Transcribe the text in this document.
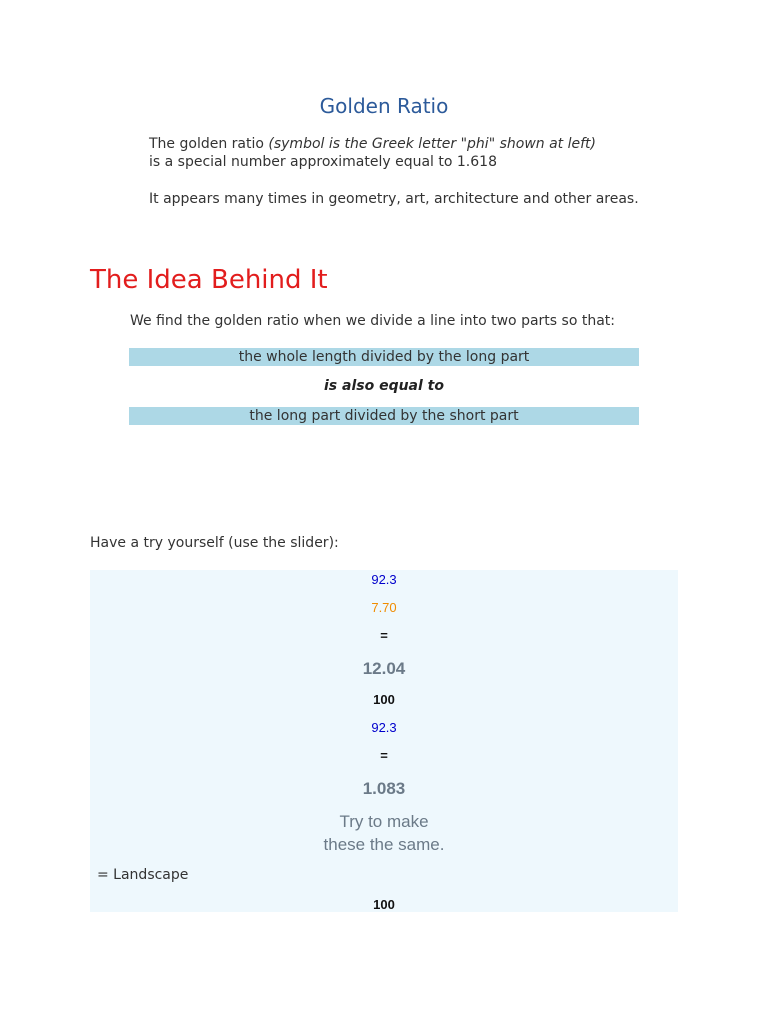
Golden Ratio
The golden ratio (symbol is the Greek letter "phi" shown at left)
is a special number approximately equal to 1.618
It appears many times in geometry, art, architecture and other areas.
The Idea Behind It
We find the golden ratio when we divide a line into two parts so that:
the whole length divided by the long part
is also equal to
the long part divided by the short part
Have a try yourself (use the slider):
92.3
7.70
=
12.04
100
92.3
=
1.083
Try to make
these the same.
= Landscape
100
